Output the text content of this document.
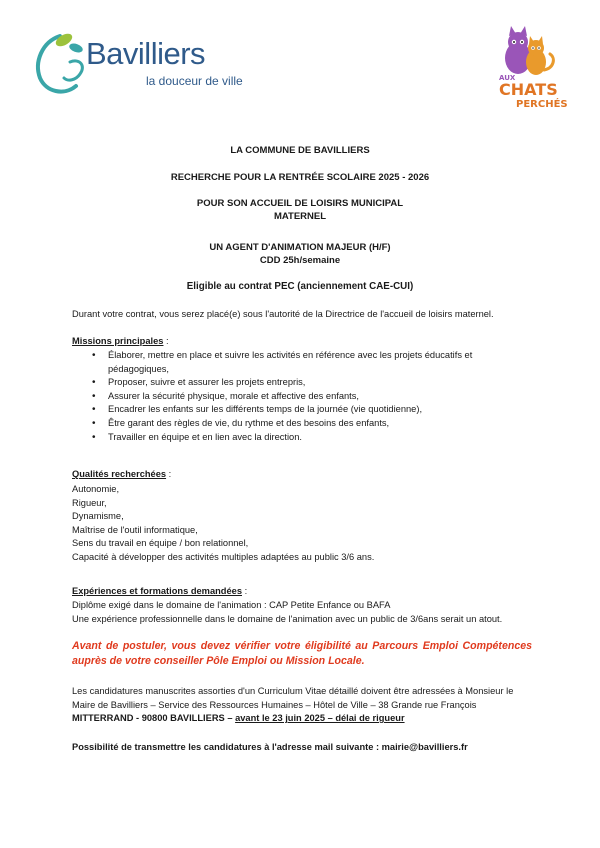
Bavilliers
la douceur de ville	AUX
CHATS
PERCHÉS
LA COMMUNE DE BAVILLIERS
RECHERCHE POUR LA RENTRÉE SCOLAIRE 2025 - 2026
POUR SON ACCUEIL DE LOISIRS MUNICIPAL
MATERNEL
UN AGENT D'ANIMATION MAJEUR (H/F)
CDD 25h/semaine
Eligible au contrat PEC (anciennement CAE-CUI)
Durant votre contrat, vous serez placé(e) sous l'autorité de la Directrice de l'accueil de loisirs maternel.
Missions principales :
• Élaborer, mettre en place et suivre les activités en référence avec les projets éducatifs et
pédagogiques,
• Proposer, suivre et assurer les projets entrepris,
• Assurer la sécurité physique, morale et affective des enfants,
• Encadrer les enfants sur les différents temps de la journée (vie quotidienne),
• Être garant des règles de vie, du rythme et des besoins des enfants,
• Travailler en équipe et en lien avec la direction.
Qualités recherchées :
Autonomie,
Rigueur,
Dynamisme,
Maîtrise de l'outil informatique,
Sens du travail en équipe / bon relationnel,
Capacité à développer des activités multiples adaptées au public 3/6 ans.
Expériences et formations demandées :
Diplôme exigé dans le domaine de l'animation : CAP Petite Enfance ou BAFA
Une expérience professionnelle dans le domaine de l'animation avec un public de 3/6ans serait un atout.
Avant de postuler, vous devez vérifier votre éligibilité au Parcours Emploi Compétences auprès de votre conseiller Pôle Emploi ou Mission Locale.
Les candidatures manuscrites assorties d'un Curriculum Vitae détaillé doivent être adressées à Monsieur le
Maire de Bavilliers – Service des Ressources Humaines – Hôtel de Ville – 38 Grande rue François
MITTERRAND - 90800 BAVILLIERS – avant le 23 juin 2025 – délai de rigueur
Possibilité de transmettre les candidatures à l'adresse mail suivante : mairie@bavilliers.fr
